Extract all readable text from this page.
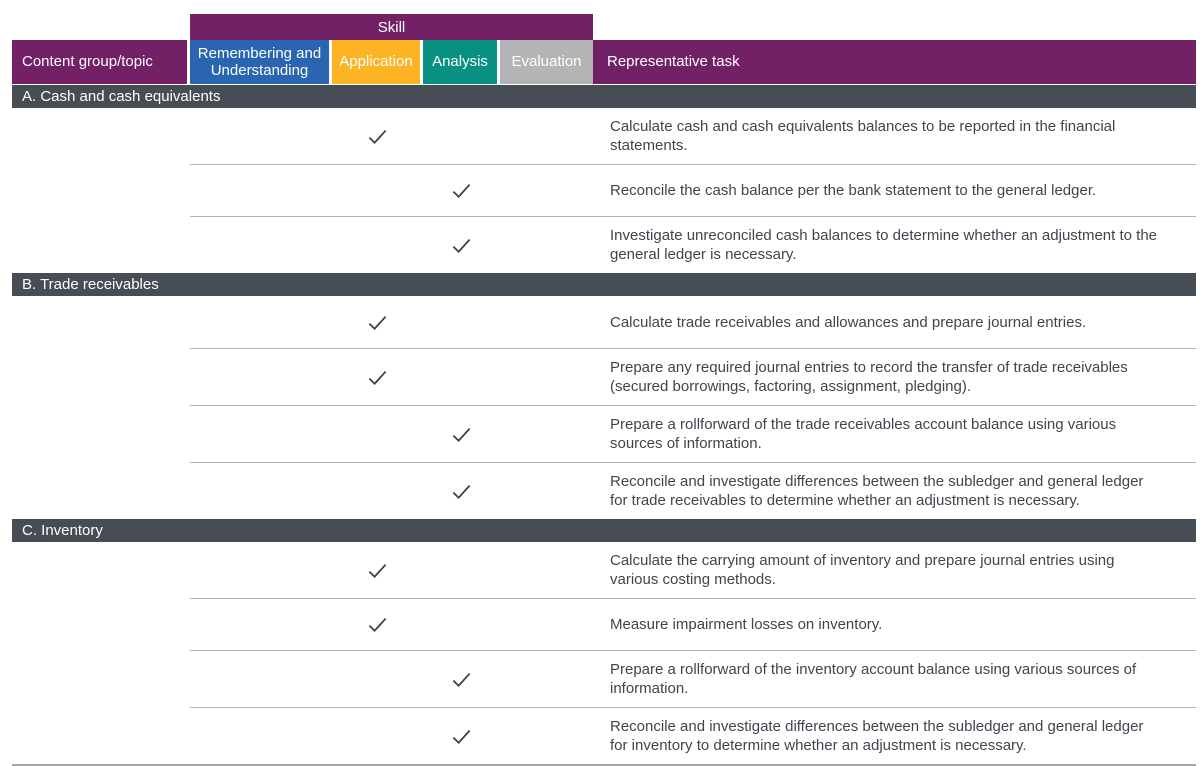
Skill
Content group/topic
Remembering and Understanding
Application Analysis Evaluation Representative task
A. Cash and cash equivalents
Calculate cash and cash equivalents balances to be reported in the financial statements.
Reconcile the cash balance per the bank statement to the general ledger.
Investigate unreconciled cash balances to determine whether an adjustment to the general ledger is necessary.
B. Trade receivables
Calculate trade receivables and allowances and prepare journal entries.
Prepare any required journal entries to record the transfer of trade receivables (secured borrowings, factoring, assignment, pledging).
Prepare a rollforward of the trade receivables account balance using various sources of information.
Reconcile and investigate differences between the subledger and general ledger for trade receivables to determine whether an adjustment is necessary.
C. Inventory
Calculate the carrying amount of inventory and prepare journal entries using various costing methods.
Measure impairment losses on inventory.
Prepare a rollforward of the inventory account balance using various sources of information.
Reconcile and investigate differences between the subledger and general ledger for inventory to determine whether an adjustment is necessary.
